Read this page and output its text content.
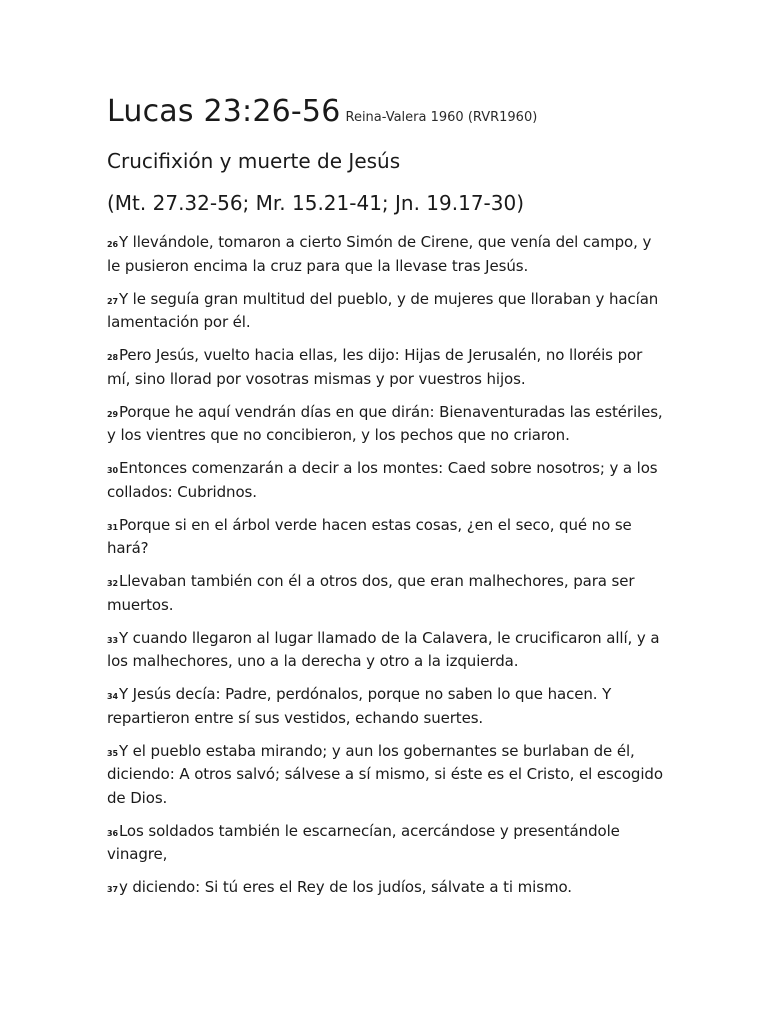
Lucas 23:26-56 Reina-Valera 1960 (RVR1960)
Crucifixión y muerte de Jesús
(Mt. 27.32-56; Mr. 15.21-41; Jn. 19.17-30)

$^{26}$Y llevándole, tomaron a cierto Simón de Cirene, que venía del campo, y le pusieron encima la cruz para que la llevase tras Jesús.

$^{27}$Y le seguía gran multitud del pueblo, y de mujeres que lloraban y hacían lamentación por él.

$^{28}$Pero Jesús, vuelto hacia ellas, les dijo: Hijas de Jerusalén, no lloréis por mí, sino llorad por vosotras mismas y por vuestros hijos.

$^{29}$Porque he aquí vendrán días en que dirán: Bienaventuradas las estériles, y los vientres que no concibieron, y los pechos que no criaron.

$^{30}$Entonces comenzarán a decir a los montes: Caed sobre nosotros; y a los collados: Cubridnos.

$^{31}$Porque si en el árbol verde hacen estas cosas, ¿en el seco, qué no se hará?

$^{32}$Llevaban también con él a otros dos, que eran malhechores, para ser muertos.

$^{33}$Y cuando llegaron al lugar llamado de la Calavera, le crucificaron allí, y a los malhechores, uno a la derecha y otro a la izquierda.

$^{34}$Y Jesús decía: Padre, perdónalos, porque no saben lo que hacen. Y repartieron entre sí sus vestidos, echando suertes.

$^{35}$Y el pueblo estaba mirando; y aun los gobernantes se burlaban de él, diciendo: A otros salvó; sálvese a sí mismo, si éste es el Cristo, el escogido de Dios.

$^{36}$Los soldados también le escarnecían, acercándose y presentándole vinagre,

$^{37}$y diciendo: Si tú eres el Rey de los judíos, sálvate a ti mismo.
